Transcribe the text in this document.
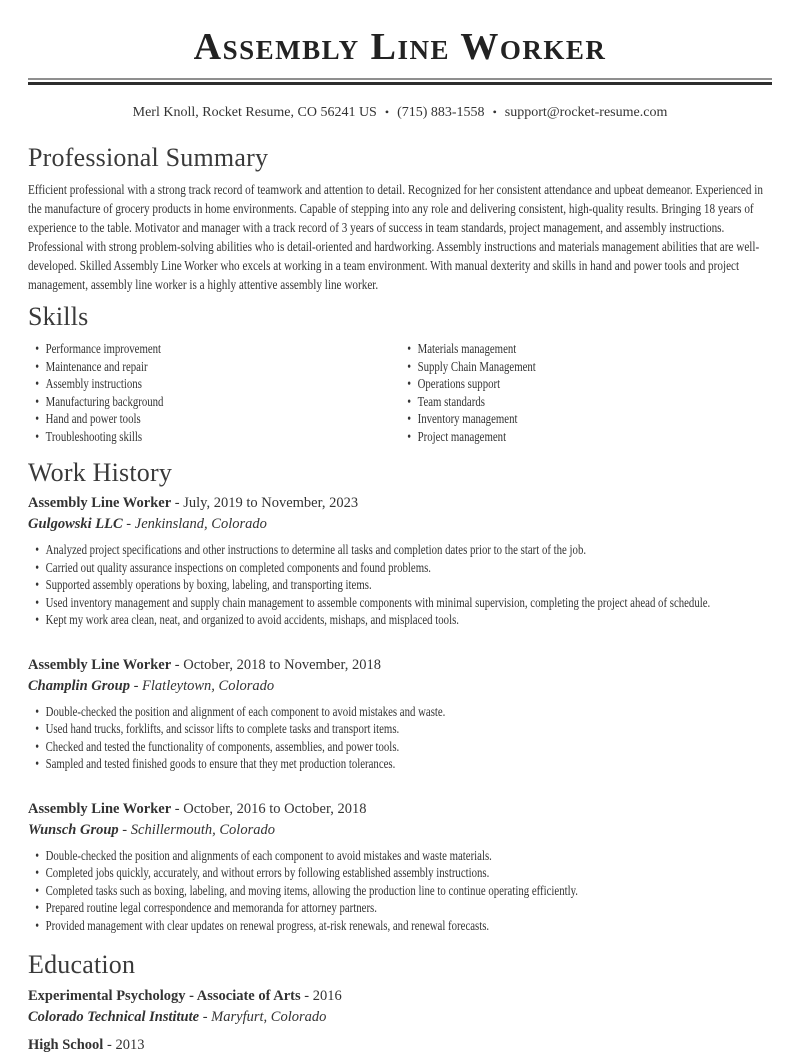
Assembly Line Worker
Merl Knoll, Rocket Resume, CO 56241 US • (715) 883-1558 • support@rocket-resume.com
Professional Summary

Efficient professional with a strong track record of teamwork and attention to detail. Recognized for her consistent attendance and upbeat demeanor. Experienced in the manufacture of grocery products in home environments. Capable of stepping into any role and delivering consistent, high-quality results. Bringing 18 years of experience to the table. Motivator and manager with a track record of 3 years of success in team standards, project management, and assembly instructions. Professional with strong problem-solving abilities who is detail-oriented and hardworking. Assembly instructions and materials management abilities that are well-developed. Skilled Assembly Line Worker who excels at working in a team environment. With manual dexterity and skills in hand and power tools and project management, assembly line worker is a highly attentive assembly line worker.

Skills
• Performance improvement
• Maintenance and repair
• Assembly instructions
• Manufacturing background
• Hand and power tools
• Troubleshooting skills
• Materials management
• Supply Chain Management
• Operations support
• Team standards
• Inventory management
• Project management
Work History
Assembly Line Worker - July, 2019 to November, 2023
Gulgowski LLC - Jenkinsland, Colorado
• Analyzed project specifications and other instructions to determine all tasks and completion dates prior to the start of the job.
• Carried out quality assurance inspections on completed components and found problems.
• Supported assembly operations by boxing, labeling, and transporting items.
• Used inventory management and supply chain management to assemble components with minimal supervision, completing the project ahead of schedule.
• Kept my work area clean, neat, and organized to avoid accidents, mishaps, and misplaced tools.
Assembly Line Worker - October, 2018 to November, 2018
Champlin Group - Flatleytown, Colorado
• Double-checked the position and alignment of each component to avoid mistakes and waste.
• Used hand trucks, forklifts, and scissor lifts to complete tasks and transport items.
• Checked and tested the functionality of components, assemblies, and power tools.
• Sampled and tested finished goods to ensure that they met production tolerances.
Assembly Line Worker - October, 2016 to October, 2018
Wunsch Group - Schillermouth, Colorado
• Double-checked the position and alignments of each component to avoid mistakes and waste materials.
• Completed jobs quickly, accurately, and without errors by following established assembly instructions.
• Completed tasks such as boxing, labeling, and moving items, allowing the production line to continue operating efficiently.
• Prepared routine legal correspondence and memoranda for attorney partners.
• Provided management with clear updates on renewal progress, at-risk renewals, and renewal forecasts.
Education
Experimental Psychology - Associate of Arts - 2016
Colorado Technical Institute - Maryfurt, Colorado
High School - 2013
